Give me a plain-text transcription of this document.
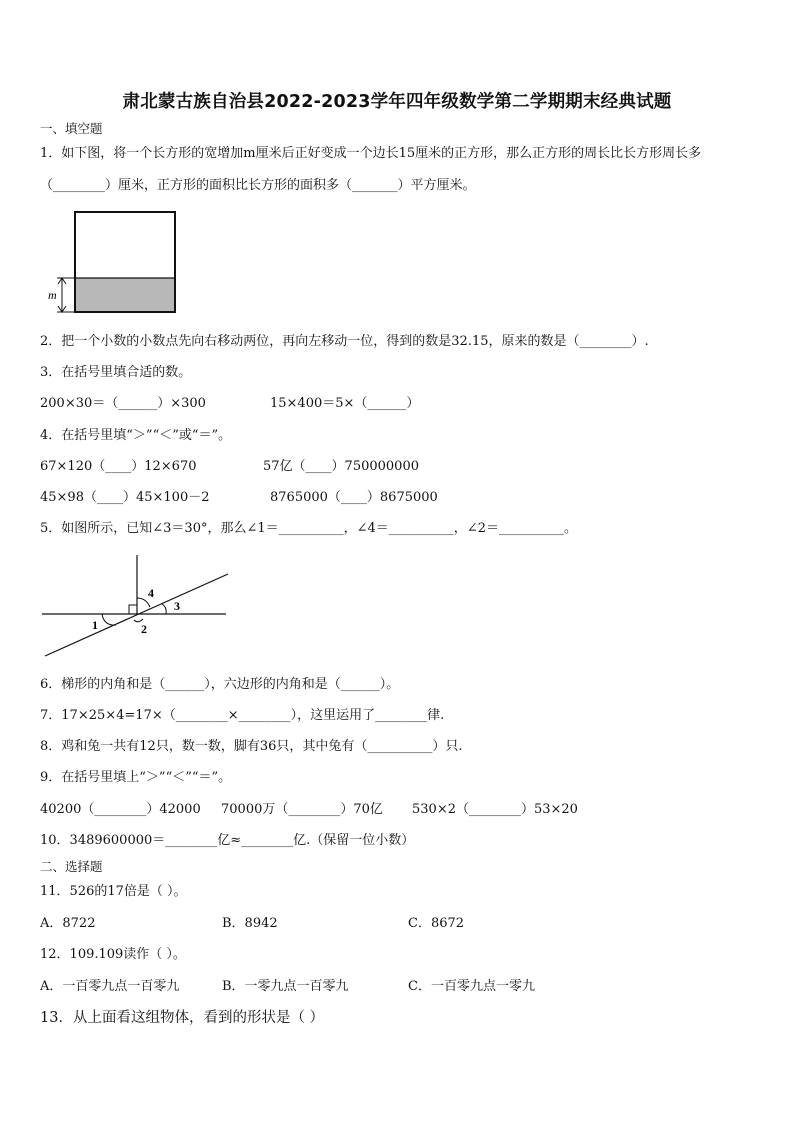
肃北蒙古族自治县2022-2023学年四年级数学第二学期期末经典试题
一、填空题
1．如下图，将一个长方形的宽增加m厘米后正好变成一个边长15厘米的正方形，那么正方形的周长比长方形周长多
（________）厘米，正方形的面积比长方形的面积多（_______）平方厘米。
m
2．把一个小数的小数点先向右移动两位，再向左移动一位，得到的数是32.15，原来的数是（________）.
3．在括号里填合适的数。
200×30＝（______）×300	15×400＝5×（______）
4．在括号里填“＞”“＜”或“＝”。
67×120（____）12×670	57亿（____）750000000
45×98（____）45×100－2	8765000（____）8675000
5．如图所示，已知∠3＝30°，那么∠1＝__________，∠4＝__________，∠2＝__________。
1	2
3
4
6．梯形的内角和是（______），六边形的内角和是（______）。
7．17×25×4=17×（________×________），这里运用了________律.
8．鸡和兔一共有12只，数一数，脚有36只，其中兔有（__________）只.
9．在括号里填上“＞”“＜”“＝”。
40200（________）42000 70000万（________）70亿 530×2（________）53×20
10．3489600000＝________亿≈________亿.（保留一位小数）
二、选择题
11．526的17倍是（ ）。
A．8722	B．8942	C．8672
12．109.109读作（ ）。
A．一百零九点一百零九	B．一零九点一百零九	C．一百零九点一零九
13．从上面看这组物体，看到的形状是（ ）
